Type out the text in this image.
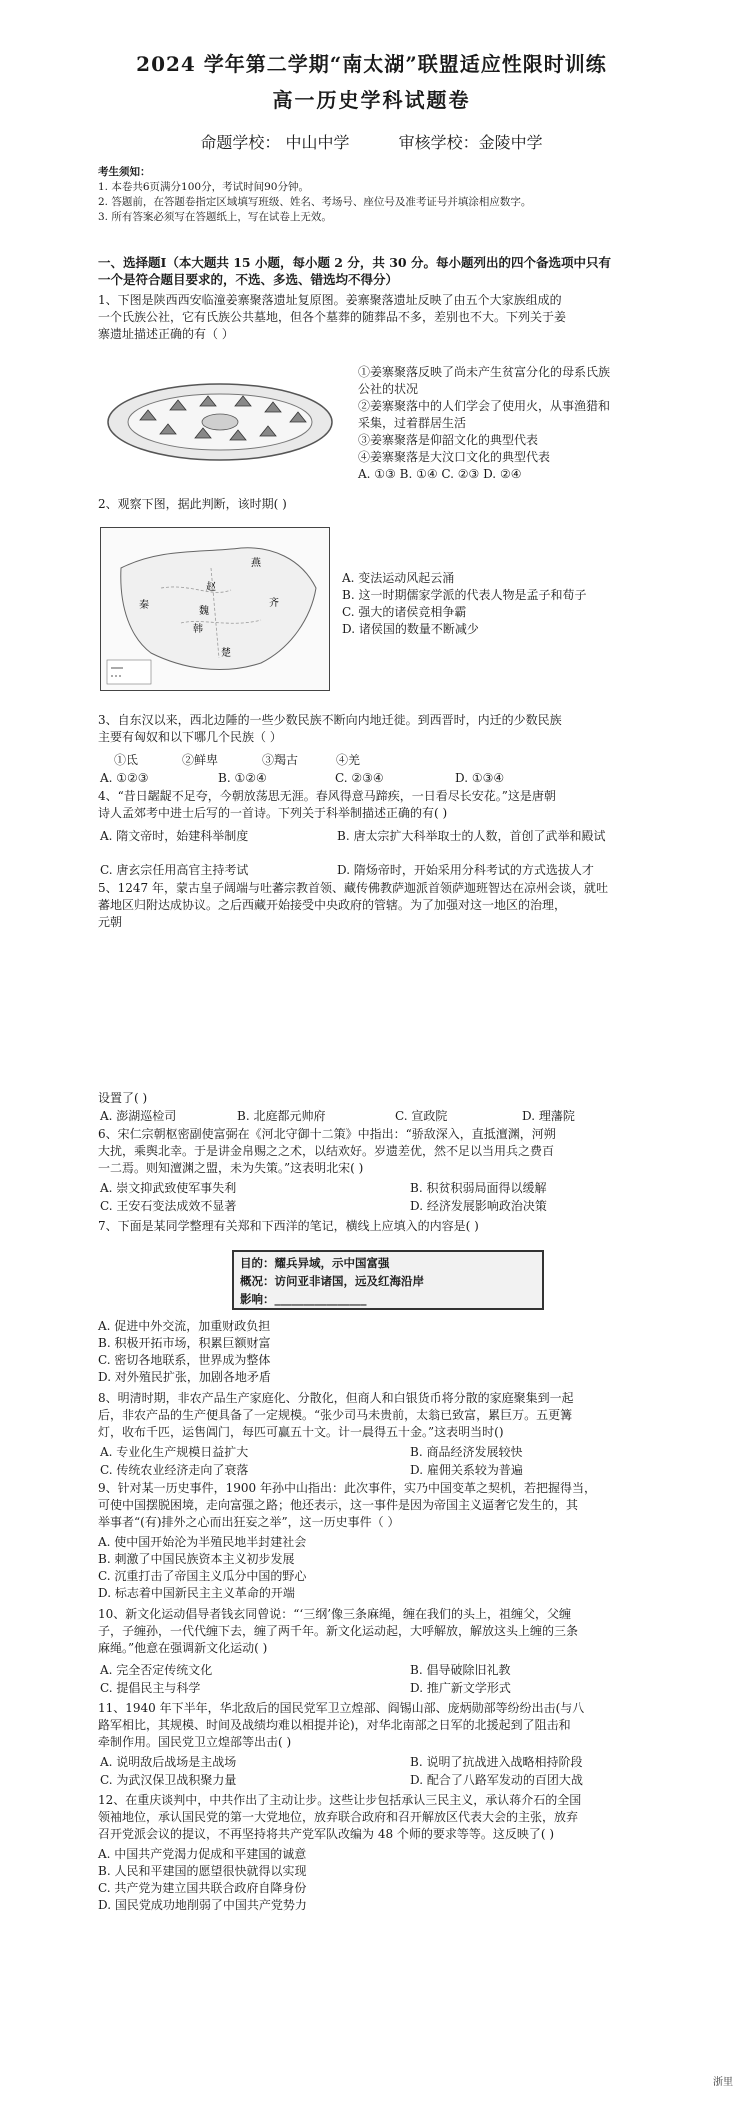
2024 学年第二学期“南太湖”联盟适应性限时训练
高一历史学科试题卷
命题学校： 中山中学	审核学校：金陵中学
考生须知：
1. 本卷共6页满分100分，考试时间90分钟。
2. 答题前，在答题卷指定区域填写班级、姓名、考场号、座位号及准考证号并填涂相应数字。
3. 所有答案必须写在答题纸上，写在试卷上无效。
一、选择题Ⅰ（本大题共 15 小题，每小题 2 分，共 30 分。每小题列出的四个备选项中只有
一个是符合题目要求的，不选、多选、错选均不得分）
1、下图是陕西西安临潼姜寨聚落遗址复原图。姜寨聚落遗址反映了由五个大家族组成的
一个氏族公社，它有氏族公共墓地，但各个墓葬的随葬品不多，差别也不大。下列关于姜
寨遗址描述正确的有（ ）
①姜寨聚落反映了尚未产生贫富分化的母系氏族
公社的状况
②姜寨聚落中的人们学会了使用火，从事渔猎和
采集，过着群居生活
③姜寨聚落是仰韶文化的典型代表
④姜寨聚落是大汶口文化的典型代表
A. ①③ B. ①④ C. ②③ D. ②④
2、观察下图，据此判断，该时期( )
燕
赵
魏
韩
秦
楚
齐
A. 变法运动风起云涌
B. 这一时期儒家学派的代表人物是孟子和荀子
C. 强大的诸侯竞相争霸
D. 诸侯国的数量不断减少
3、自东汉以来，西北边陲的一些少数民族不断向内地迁徙。到西晋时，内迁的少数民族
主要有匈奴和以下哪几个民族（ ）
①氐	②鲜卑	③羯古	④羌
A. ①②③	B. ①②④	C. ②③④	D. ①③④
4、“昔日龌龊不足夸，今朝放荡思无涯。春风得意马蹄疾，一日看尽长安花。”这是唐朝
诗人孟郊考中进士后写的一首诗。下列关于科举制描述正确的有( )
A. 隋文帝时，始建科举制度	B. 唐太宗扩大科举取士的人数，首创了武举和殿试
C. 唐玄宗任用高官主持考试	D. 隋炀帝时，开始采用分科考试的方式选拔人才
5、1247 年，蒙古皇子阔端与吐蕃宗教首领、藏传佛教萨迦派首领萨迦班智达在凉州会谈，就吐
蕃地区归附达成协议。之后西藏开始接受中央政府的管辖。为了加强对这一地区的治理，
元朝
设置了( )
A. 澎湖巡检司	B. 北庭都元帅府	C. 宣政院	D. 理藩院
6、宋仁宗朝枢密副使富弼在《河北守御十二策》中指出：“骄敌深入，直抵澶渊，河朔
大扰，乘舆北幸。于是讲金帛赐之之术，以结欢好。岁遗差优，然不足以当用兵之费百
一二焉。则知澶渊之盟，未为失策。”这表明北宋( )
A. 崇文抑武致使军事失利	B. 积贫积弱局面得以缓解
C. 王安石变法成效不显著	D. 经济发展影响政治决策
7、下面是某同学整理有关郑和下西洋的笔记，横线上应填入的内容是( )
目的：耀兵异域，示中国富强
概况：访问亚非诸国，远及红海沿岸
影响：________________
A. 促进中外交流，加重财政负担
B. 积极开拓市场，积累巨额财富
C. 密切各地联系，世界成为整体
D. 对外殖民扩张，加剧各地矛盾
8、明清时期，非农产品生产家庭化、分散化，但商人和白银货币将分散的家庭聚集到一起
后，非农产品的生产便具备了一定规模。“张少司马未贵前，太翁已致富，累巨万。五更篝
灯，收布千匹，运售阊门，每匹可赢五十文。计一晨得五十金。”这表明当时()
A. 专业化生产规模日益扩大	B. 商品经济发展较快
C. 传统农业经济走向了衰落	D. 雇佣关系较为普遍
9、针对某一历史事件，1900 年孙中山指出：此次事件，实乃中国变革之契机，若把握得当，
可使中国摆脱困境，走向富强之路；他还表示，这一事件是因为帝国主义逼奢它发生的，其
举事者“(有)排外之心而出狂妄之举”，这一历史事件（ ）
A. 使中国开始沦为半殖民地半封建社会
B. 刺激了中国民族资本主义初步发展
C. 沉重打击了帝国主义瓜分中国的野心
D. 标志着中国新民主主义革命的开端
10、新文化运动倡导者钱玄同曾说：“‘三纲’像三条麻绳，缠在我们的头上，祖缠父，父缠
子，子缠孙，一代代缠下去，缠了两千年。新文化运动起，大呼解放，解放这头上缠的三条
麻绳。”他意在强调新文化运动( )
A. 完全否定传统文化	B. 倡导破除旧礼教
C. 提倡民主与科学	D. 推广新文学形式
11、1940 年下半年，华北敌后的国民党军卫立煌部、阎锡山部、庞炳勋部等纷纷出击(与八
路军相比，其规模、时间及战绩均难以相提并论)，对华北南部之日军的北援起到了阻击和
牵制作用。国民党卫立煌部等出击( )
A. 说明敌后战场是主战场	B. 说明了抗战进入战略相持阶段
C. 为武汉保卫战积聚力量	D. 配合了八路军发动的百团大战
12、在重庆谈判中，中共作出了主动让步。这些让步包括承认三民主义，承认蒋介石的全国
领袖地位，承认国民党的第一大党地位，放弃联合政府和召开解放区代表大会的主张，放弃
召开党派会议的提议，不再坚持将共产党军队改编为 48 个师的要求等等。这反映了( )
A. 中国共产党渴力促成和平建国的诚意
B. 人民和平建国的愿望很快就得以实现
C. 共产党为建立国共联合政府自降身份
D. 国民党成功地削弱了中国共产党势力
浙里
